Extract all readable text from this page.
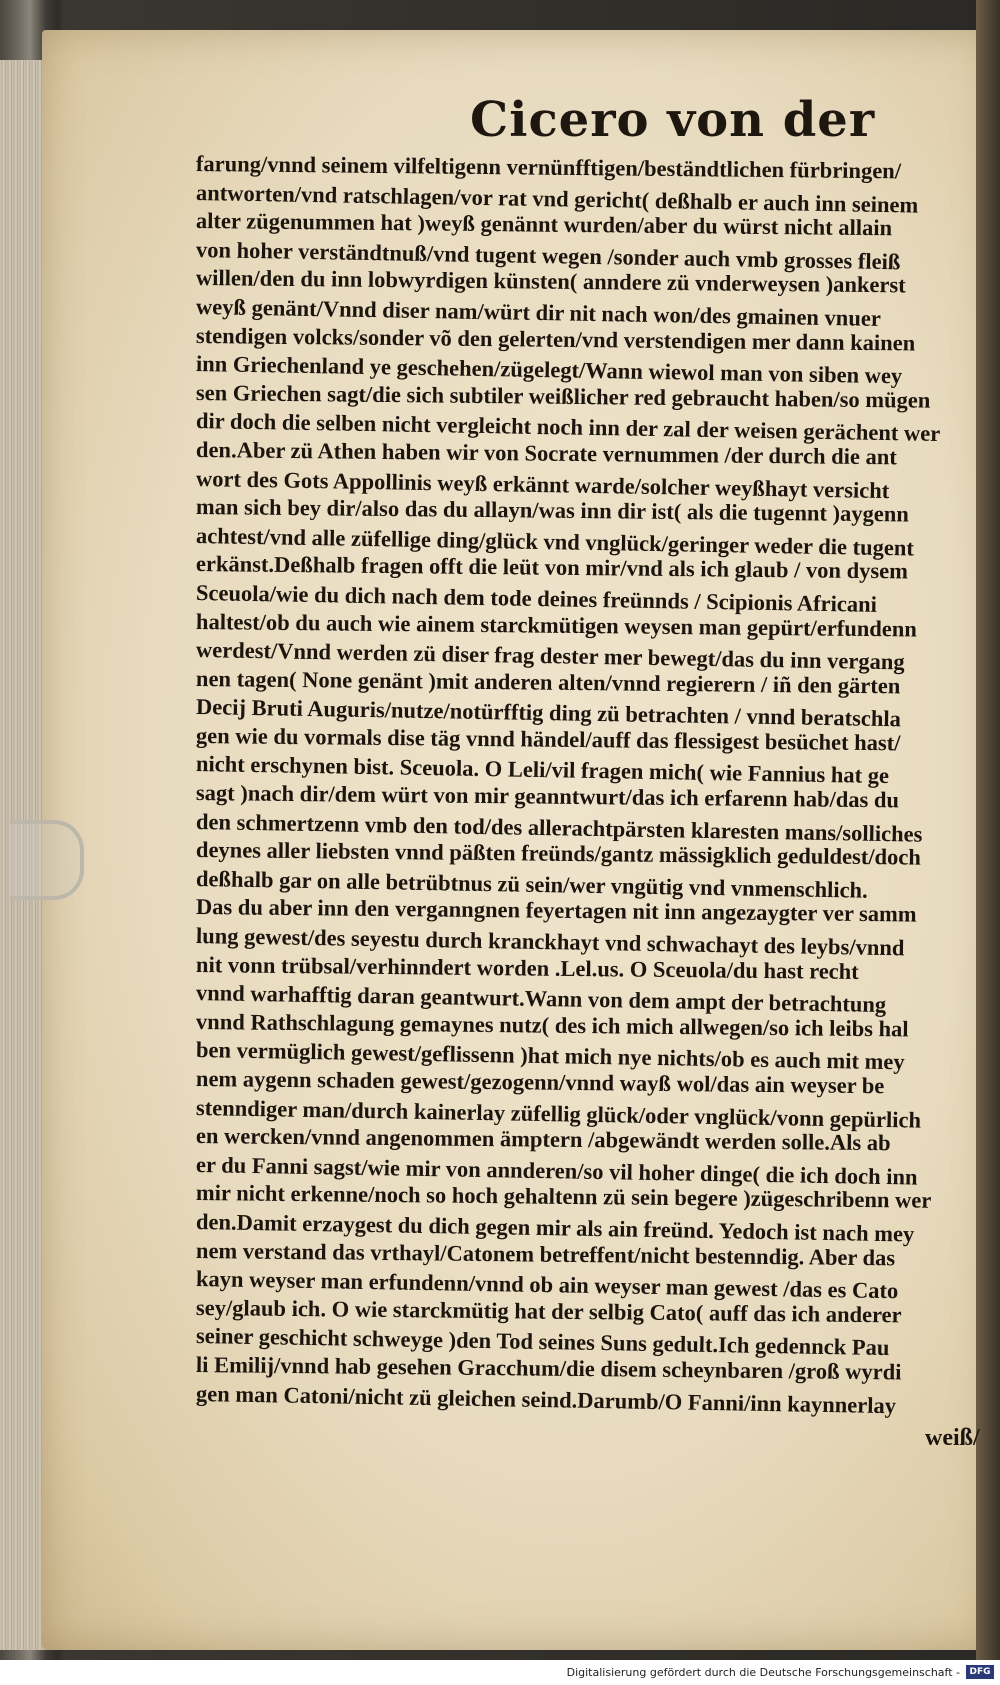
Cicero von der
farung/vnnd seinem vilfeltigenn vernünfftigen/beständtlichen fürbringen/
antworten/vnd ratschlagen/vor rat vnd gericht( deßhalb er auch inn seinem
alter zügenummen hat )weyß genännt wurden/aber du würst nicht allain
von hoher verständtnuß/vnd tugent wegen /sonder auch vmb grosses fleiß
willen/den du inn lobwyrdigen künsten( anndere zü vnderweysen )ankerst
weyß genänt/Vnnd diser nam/würt dir nit nach won/des gmainen vnuer
stendigen volcks/sonder võ den gelerten/vnd verstendigen mer dann kainen
inn Griechenland ye geschehen/zügelegt/Wann wiewol man von siben wey
sen Griechen sagt/die sich subtiler weißlicher red gebraucht haben/so mügen
dir doch die selben nicht vergleicht noch inn der zal der weisen gerächent wer
den.Aber zü Athen haben wir von Socrate vernummen /der durch die ant
wort des Gots Appollinis weyß erkännt warde/solcher weyßhayt versicht
man sich bey dir/also das du allayn/was inn dir ist( als die tugennt )aygenn
achtest/vnd alle züfellige ding/glück vnd vnglück/geringer weder die tugent
erkänst.Deßhalb fragen offt die leüt von mir/vnd als ich glaub / von dysem
Sceuola/wie du dich nach dem tode deines freünnds / Scipionis Africani
haltest/ob du auch wie ainem starckmütigen weysen man gepürt/erfundenn
werdest/Vnnd werden zü diser frag dester mer bewegt/das du inn vergang
nen tagen( None genänt )mit anderen alten/vnnd regierern / iñ den gärten
Decij Bruti Auguris/nutze/notürfftig ding zü betrachten / vnnd beratschla
gen wie du vormals dise täg vnnd händel/auff das flessigest besüchet hast/
nicht erschynen bist. Sceuola. O Leli/vil fragen mich( wie Fannius hat ge
sagt )nach dir/dem würt von mir geanntwurt/das ich erfarenn hab/das du
den schmertzenn vmb den tod/des allerachtpärsten klaresten mans/solliches
deynes aller liebsten vnnd päßten freünds/gantz mässigklich geduldest/doch
deßhalb gar on alle betrübtnus zü sein/wer vngütig vnd vnmenschlich.
Das du aber inn den verganngnen feyertagen nit inn angezaygter ver samm
lung gewest/des seyestu durch kranckhayt vnd schwachayt des leybs/vnnd
nit vonn trübsal/verhinndert worden .Lel.us. O Sceuola/du hast recht
vnnd warhafftig daran geantwurt.Wann von dem ampt der betrachtung
vnnd Rathschlagung gemaynes nutz( des ich mich allwegen/so ich leibs hal
ben vermüglich gewest/geflissenn )hat mich nye nichts/ob es auch mit mey
nem aygenn schaden gewest/gezogenn/vnnd wayß wol/das ain weyser be
stenndiger man/durch kainerlay züfellig glück/oder vnglück/vonn gepürlich
en wercken/vnnd angenommen ämptern /abgewändt werden solle.Als ab
er du Fanni sagst/wie mir von annderen/so vil hoher dinge( die ich doch inn
mir nicht erkenne/noch so hoch gehaltenn zü sein begere )zügeschribenn wer
den.Damit erzaygest du dich gegen mir als ain freünd. Yedoch ist nach mey
nem verstand das vrthayl/Catonem betreffent/nicht bestenndig. Aber das
kayn weyser man erfundenn/vnnd ob ain weyser man gewest /das es Cato
sey/glaub ich. O wie starckmütig hat der selbig Cato( auff das ich anderer
seiner geschicht schweyge )den Tod seines Suns gedult.Ich gedennck Pau
li Emilij/vnnd hab gesehen Gracchum/die disem scheynbaren /groß wyrdi
gen man Catoni/nicht zü gleichen seind.Darumb/O Fanni/inn kaynnerlay
weiß/
Digitalisierung gefördert durch die Deutsche Forschungsgemeinschaft -	DFG
